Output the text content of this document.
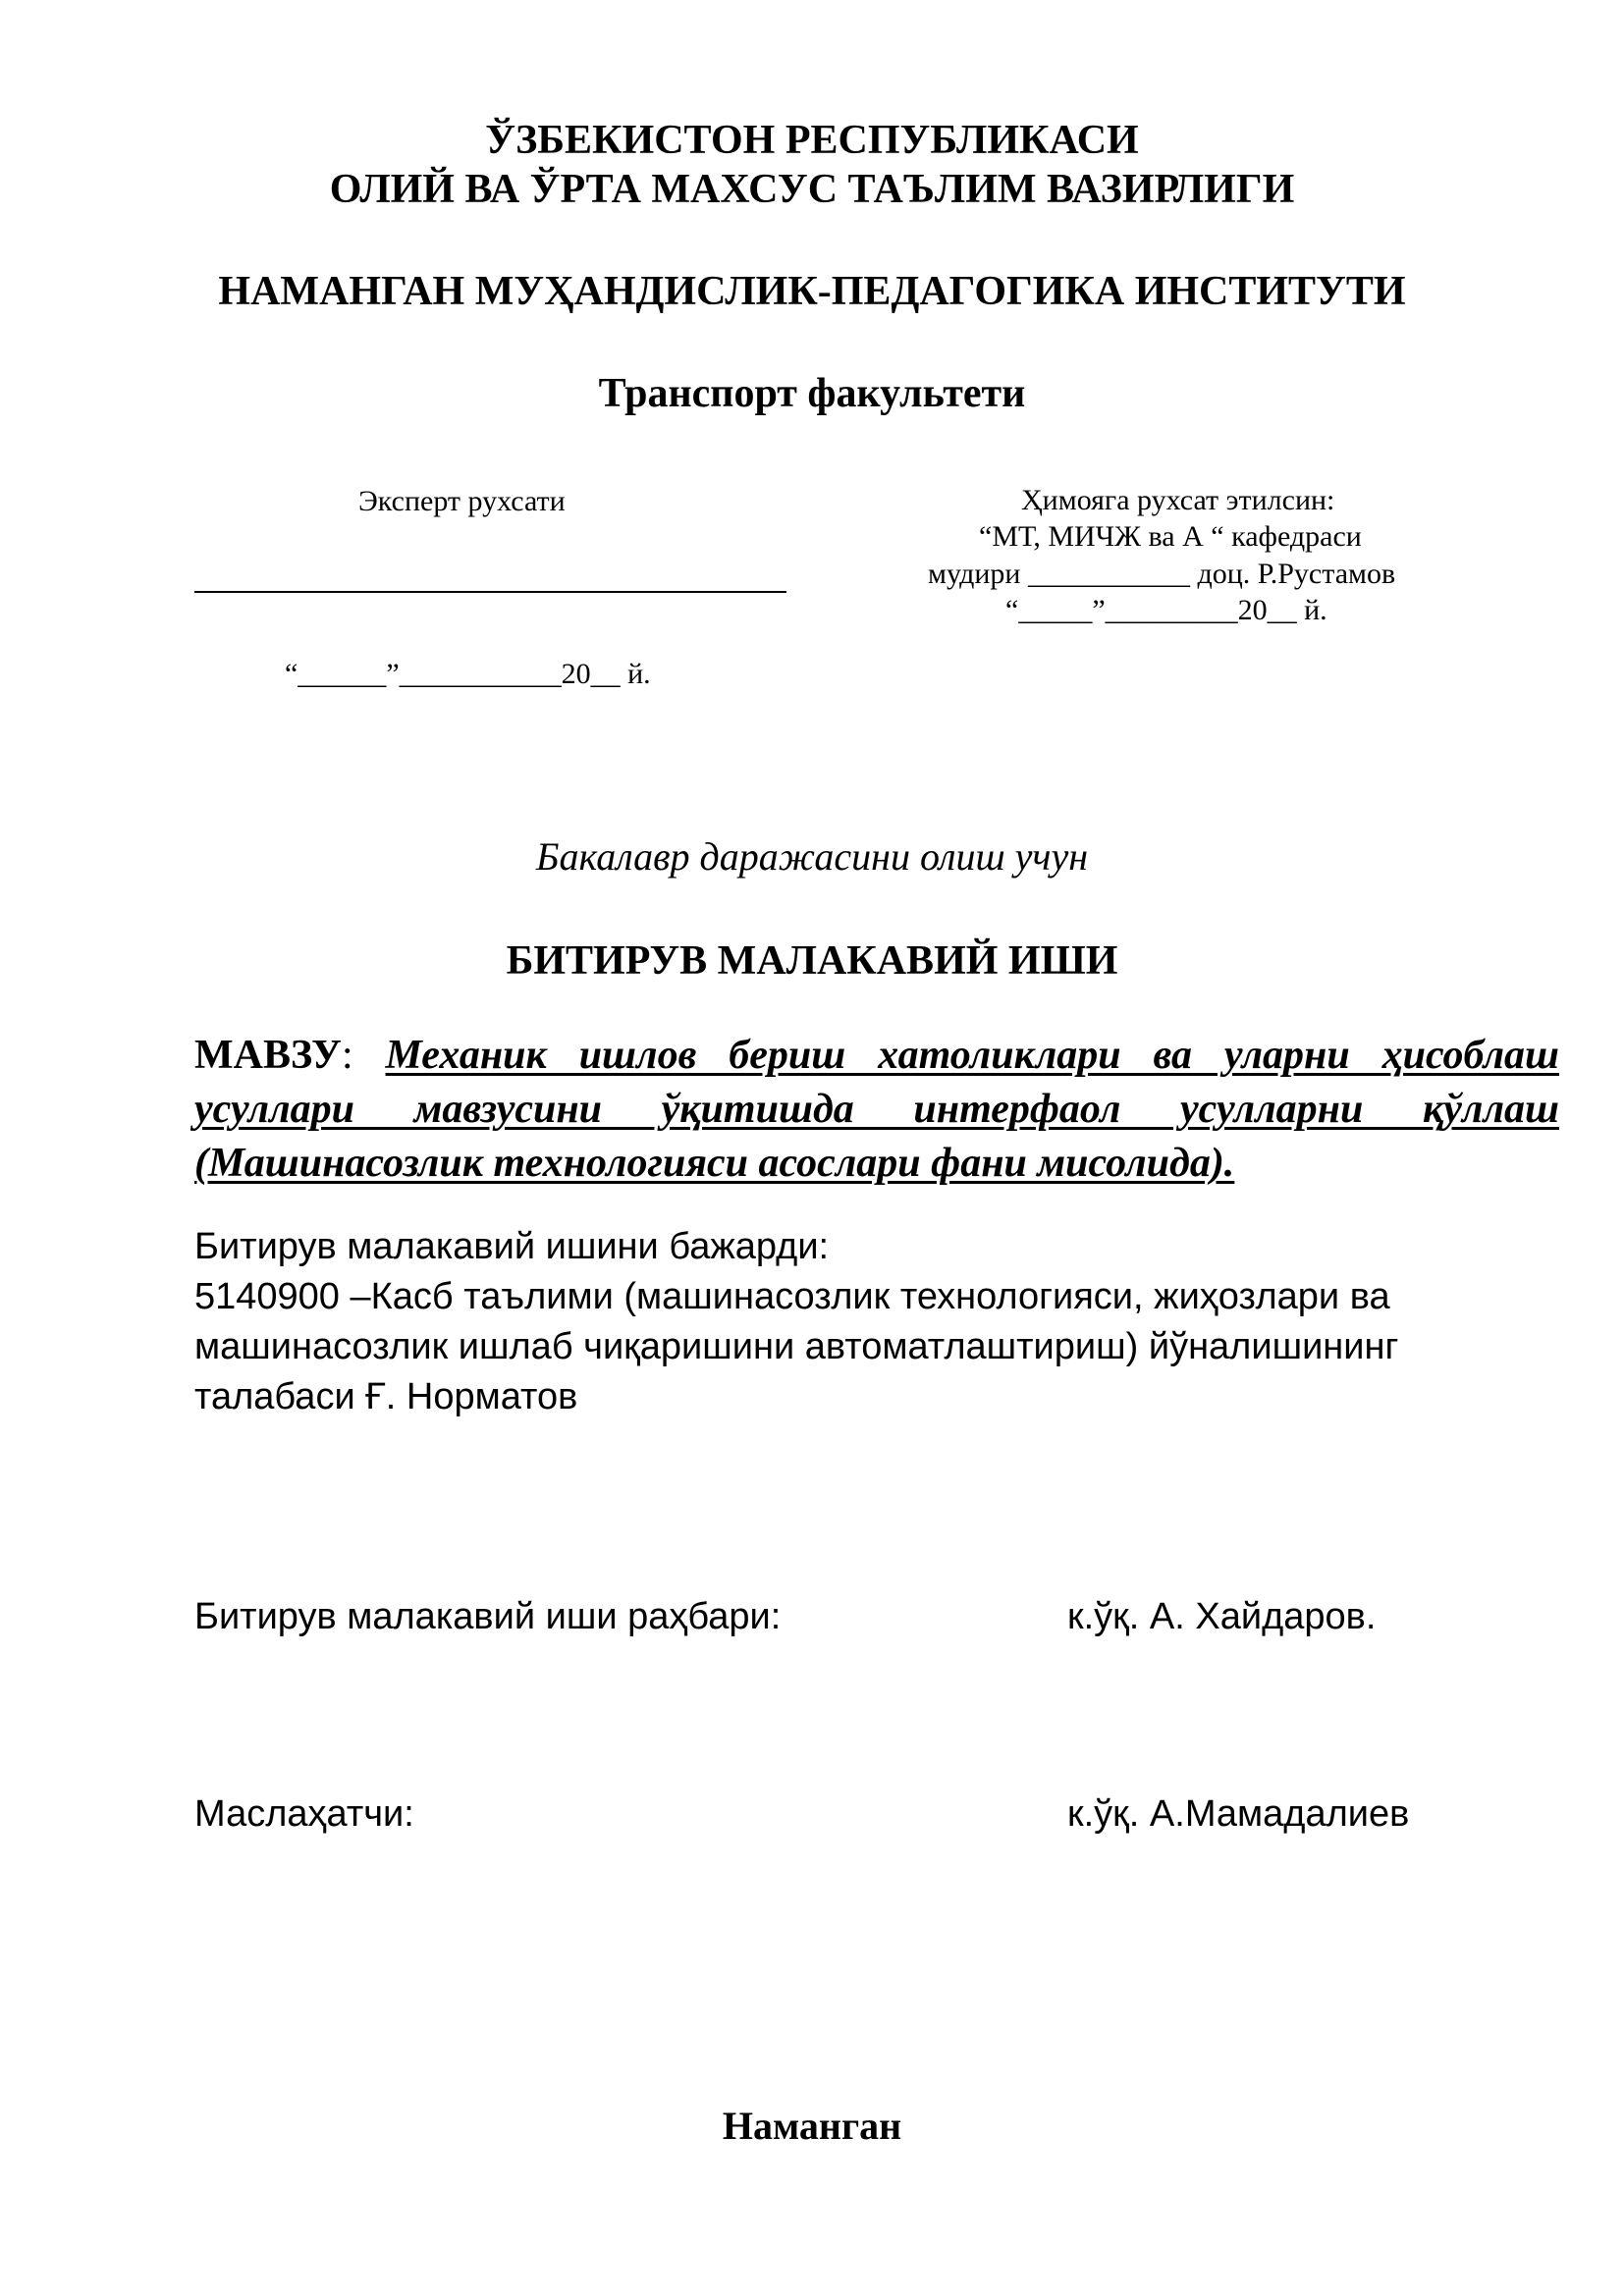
ЎЗБЕКИСТОН РЕСПУБЛИКАСИ
ОЛИЙ ВА ЎРТА МАХСУС ТАЪЛИМ ВАЗИРЛИГИ
НАМАНГАН МУҲАНДИСЛИК-ПЕДАГОГИКА ИНСТИТУТИ
Транспорт факультети
Эксперт рухсати
“______”___________20__ й.
Ҳимояга рухсат этилсин:
“МТ, МИЧЖ ва А “ кафедраси
мудири ___________ доц. Р.Рустамов
“_____”_________20__ й.
Бакалавр даражасини олиш учун
БИТИРУВ МАЛАКАВИЙ ИШИ
МАВЗУ: Механик ишлов бериш хатоликлари ва уларни ҳисоблаш усуллари мавзусини ўқитишда интерфаол усулларни қўллаш (Машинасозлик технологияси асослари фани мисолида).
Битирув малакавий ишини бажарди:
5140900 –Касб таълими (машинасозлик технологияси, жиҳозлари ва
машинасозлик ишлаб чиқаришини автоматлаштириш) йўналишининг
талабаси Ғ. Норматов
Битирув малакавий иши раҳбари:	к.ўқ. А. Хайдаров.
Маслаҳатчи:	к.ўқ. А.Мамадалиев
Наманган
